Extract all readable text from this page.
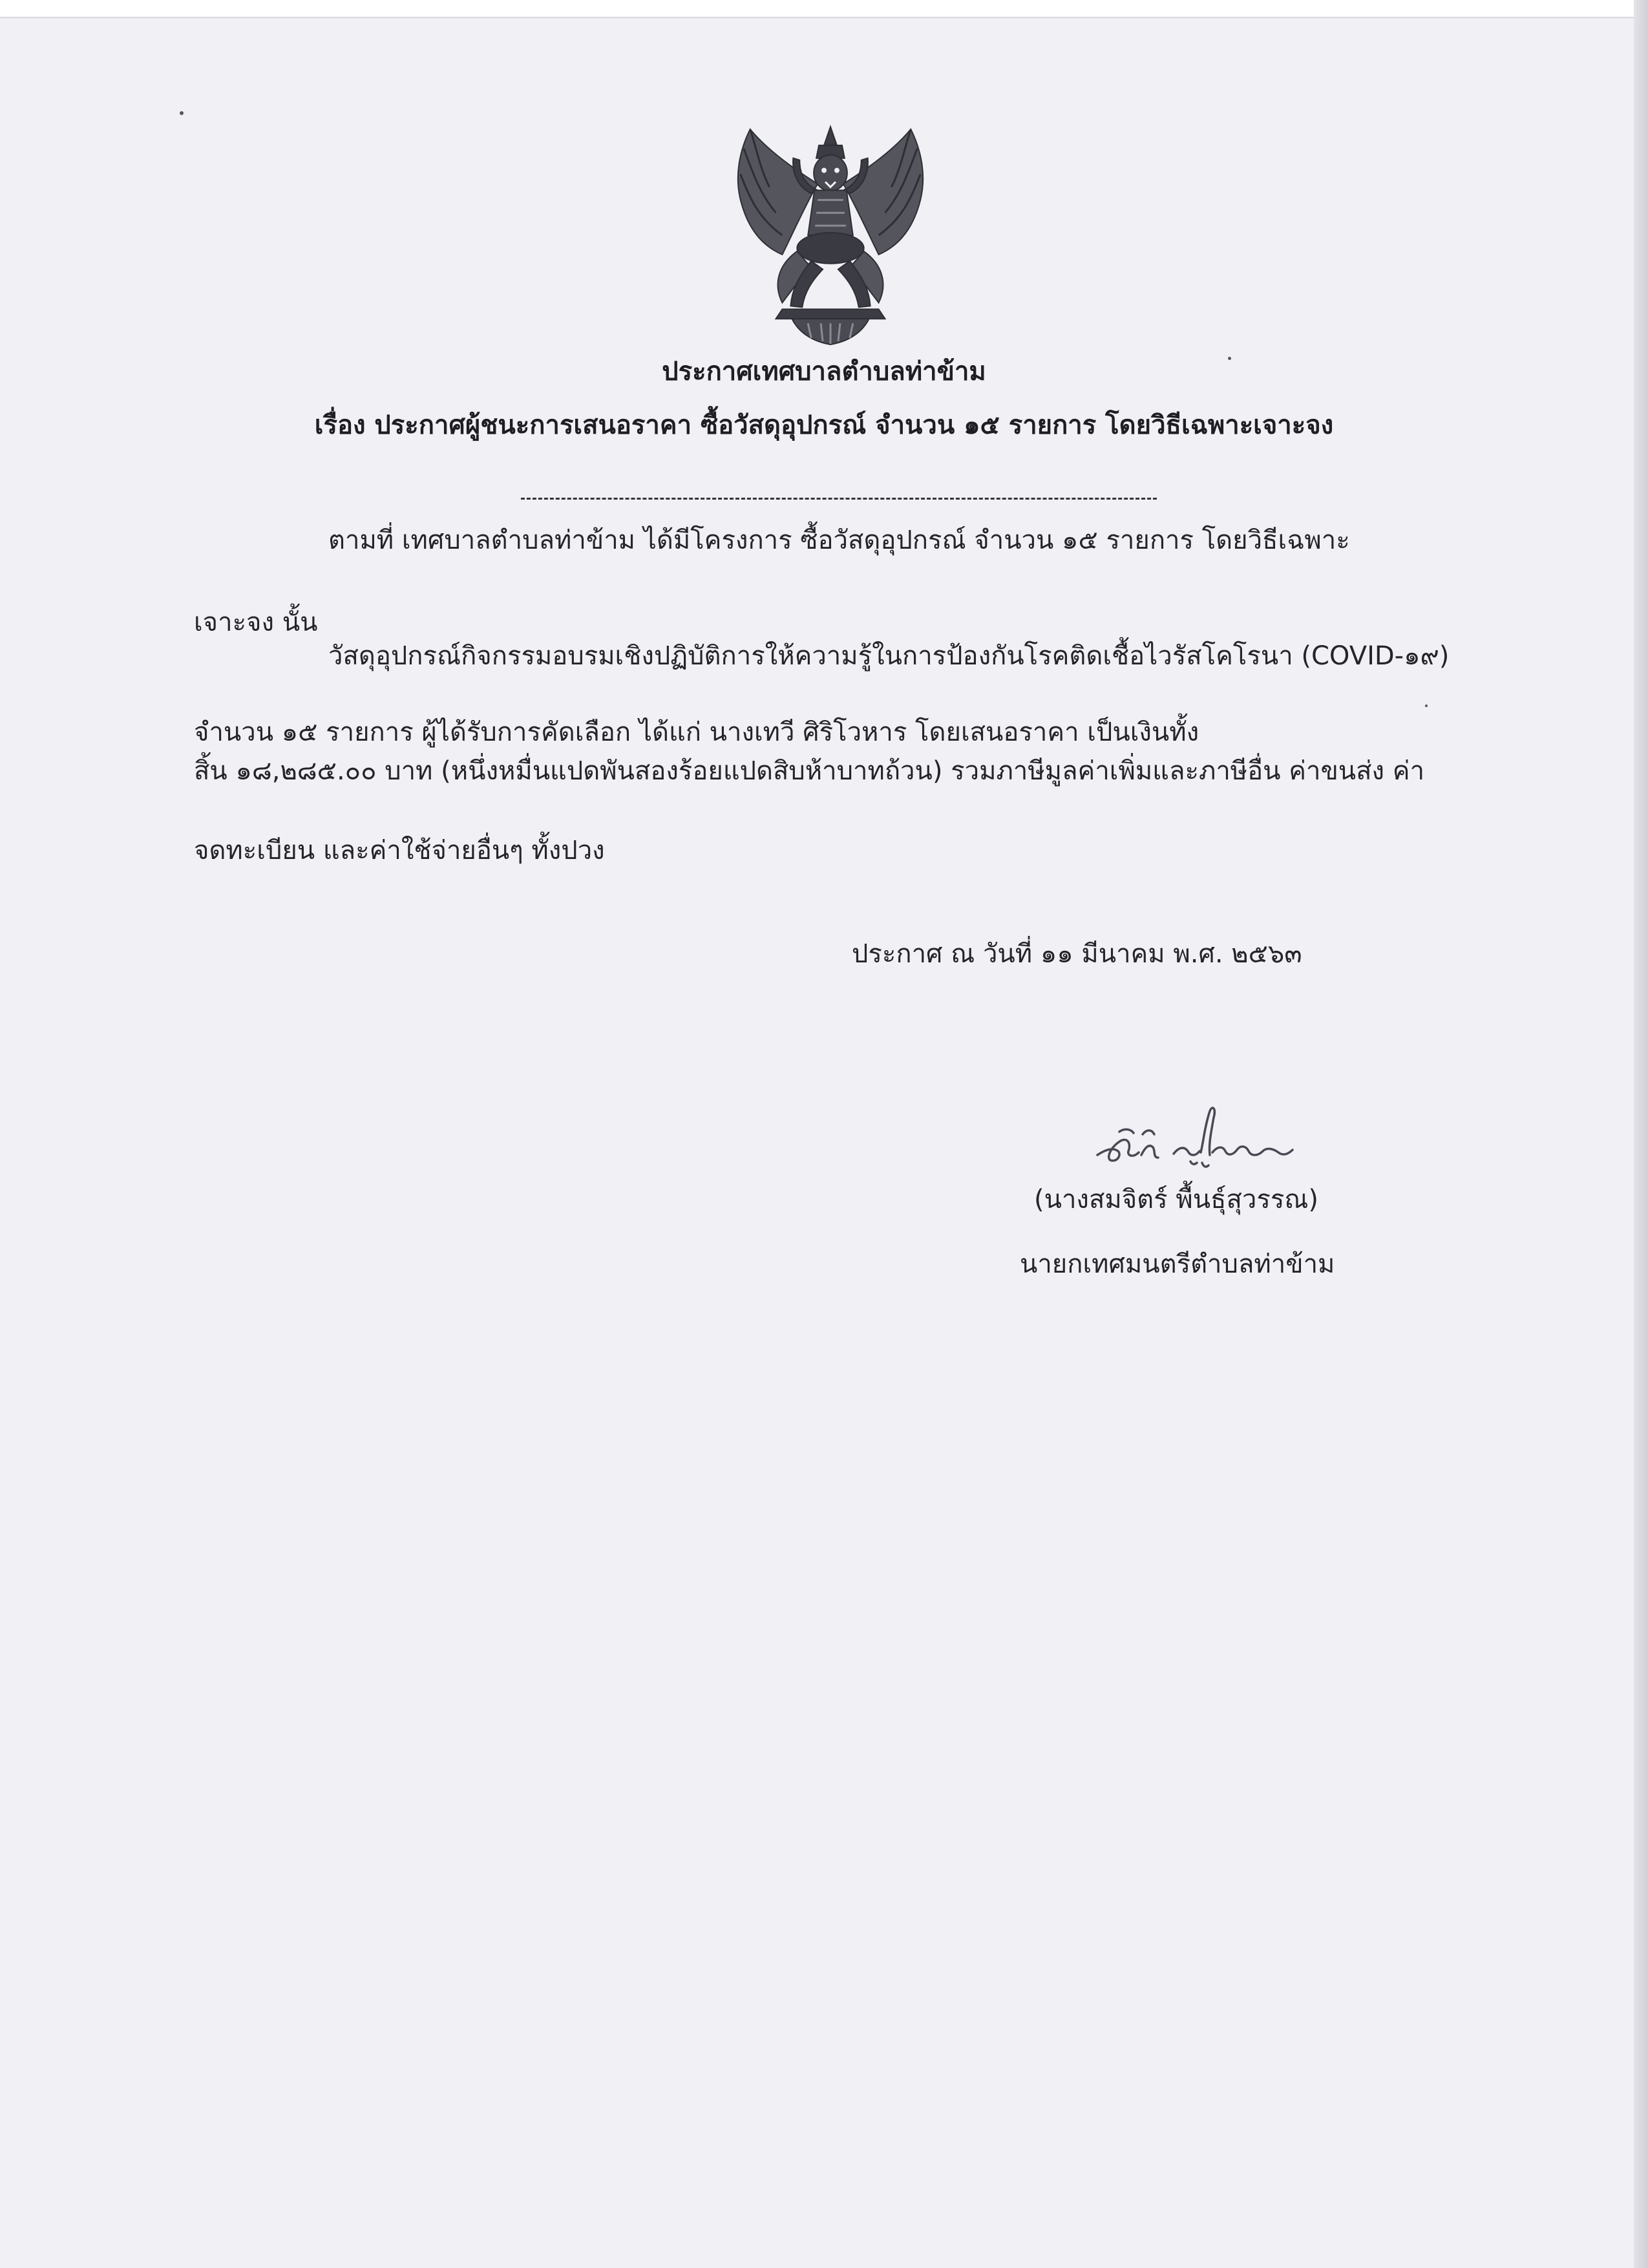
ประกาศเทศบาลตำบลท่าข้าม
เรื่อง ประกาศผู้ชนะการเสนอราคา ซื้อวัสดุอุปกรณ์ จำนวน ๑๕ รายการ โดยวิธีเฉพาะเจาะจง
ตามที่ เทศบาลตำบลท่าข้าม ได้มีโครงการ ซื้อวัสดุอุปกรณ์ จำนวน ๑๕ รายการ โดยวิธีเฉพาะ
เจาะจง นั้น
วัสดุอุปกรณ์กิจกรรมอบรมเชิงปฏิบัติการให้ความรู้ในการป้องกันโรคติดเชื้อไวรัสโคโรนา (COVID-๑๙)
จำนวน ๑๕ รายการ ผู้ได้รับการคัดเลือก ได้แก่ นางเทวี ศิริโวหาร โดยเสนอราคา เป็นเงินทั้ง
สิ้น ๑๘,๒๘๕.๐๐ บาท (หนึ่งหมื่นแปดพันสองร้อยแปดสิบห้าบาทถ้วน) รวมภาษีมูลค่าเพิ่มและภาษีอื่น ค่าขนส่ง ค่า
จดทะเบียน และค่าใช้จ่ายอื่นๆ ทั้งปวง
ประกาศ ณ วันที่ ๑๑ มีนาคม พ.ศ. ๒๕๖๓
(นางสมจิตร์ พื้นธุ์สุวรรณ)
นายกเทศมนตรีตำบลท่าข้าม
